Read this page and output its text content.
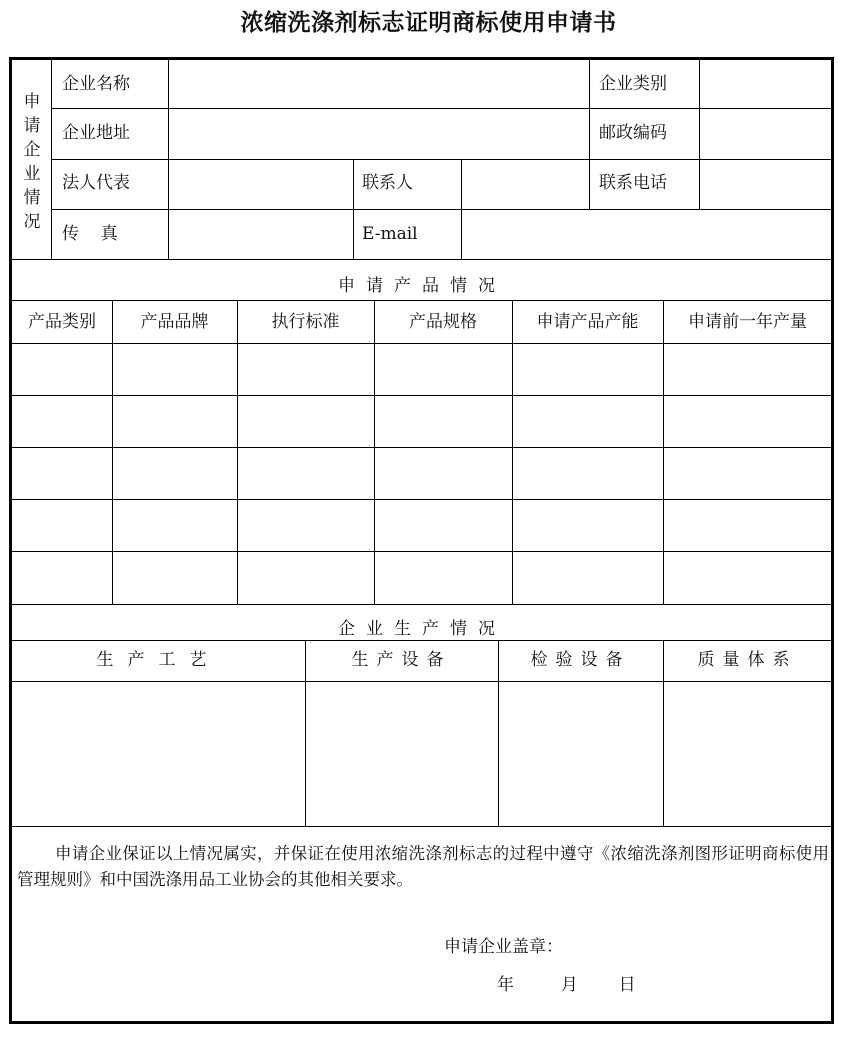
浓缩洗涤剂标志证明商标使用申请书
申
请
企
业
情
况
企业名称	企业类别
企业地址	邮政编码
法人代表	联系人	联系电话
传    真	E-mail
申请产品情况
产品类别	产品品牌	执行标准	产品规格	申请产品产能	申请前一年产量
企业生产情况
生产工艺	生产设备	检验设备	质量体系
申请企业保证以上情况属实，并保证在使用浓缩洗涤剂标志的过程中遵守《浓缩洗涤剂图形证明商标使用管理规则》和中国洗涤用品工业协会的其他相关要求。
申请企业盖章：
年	月 日
